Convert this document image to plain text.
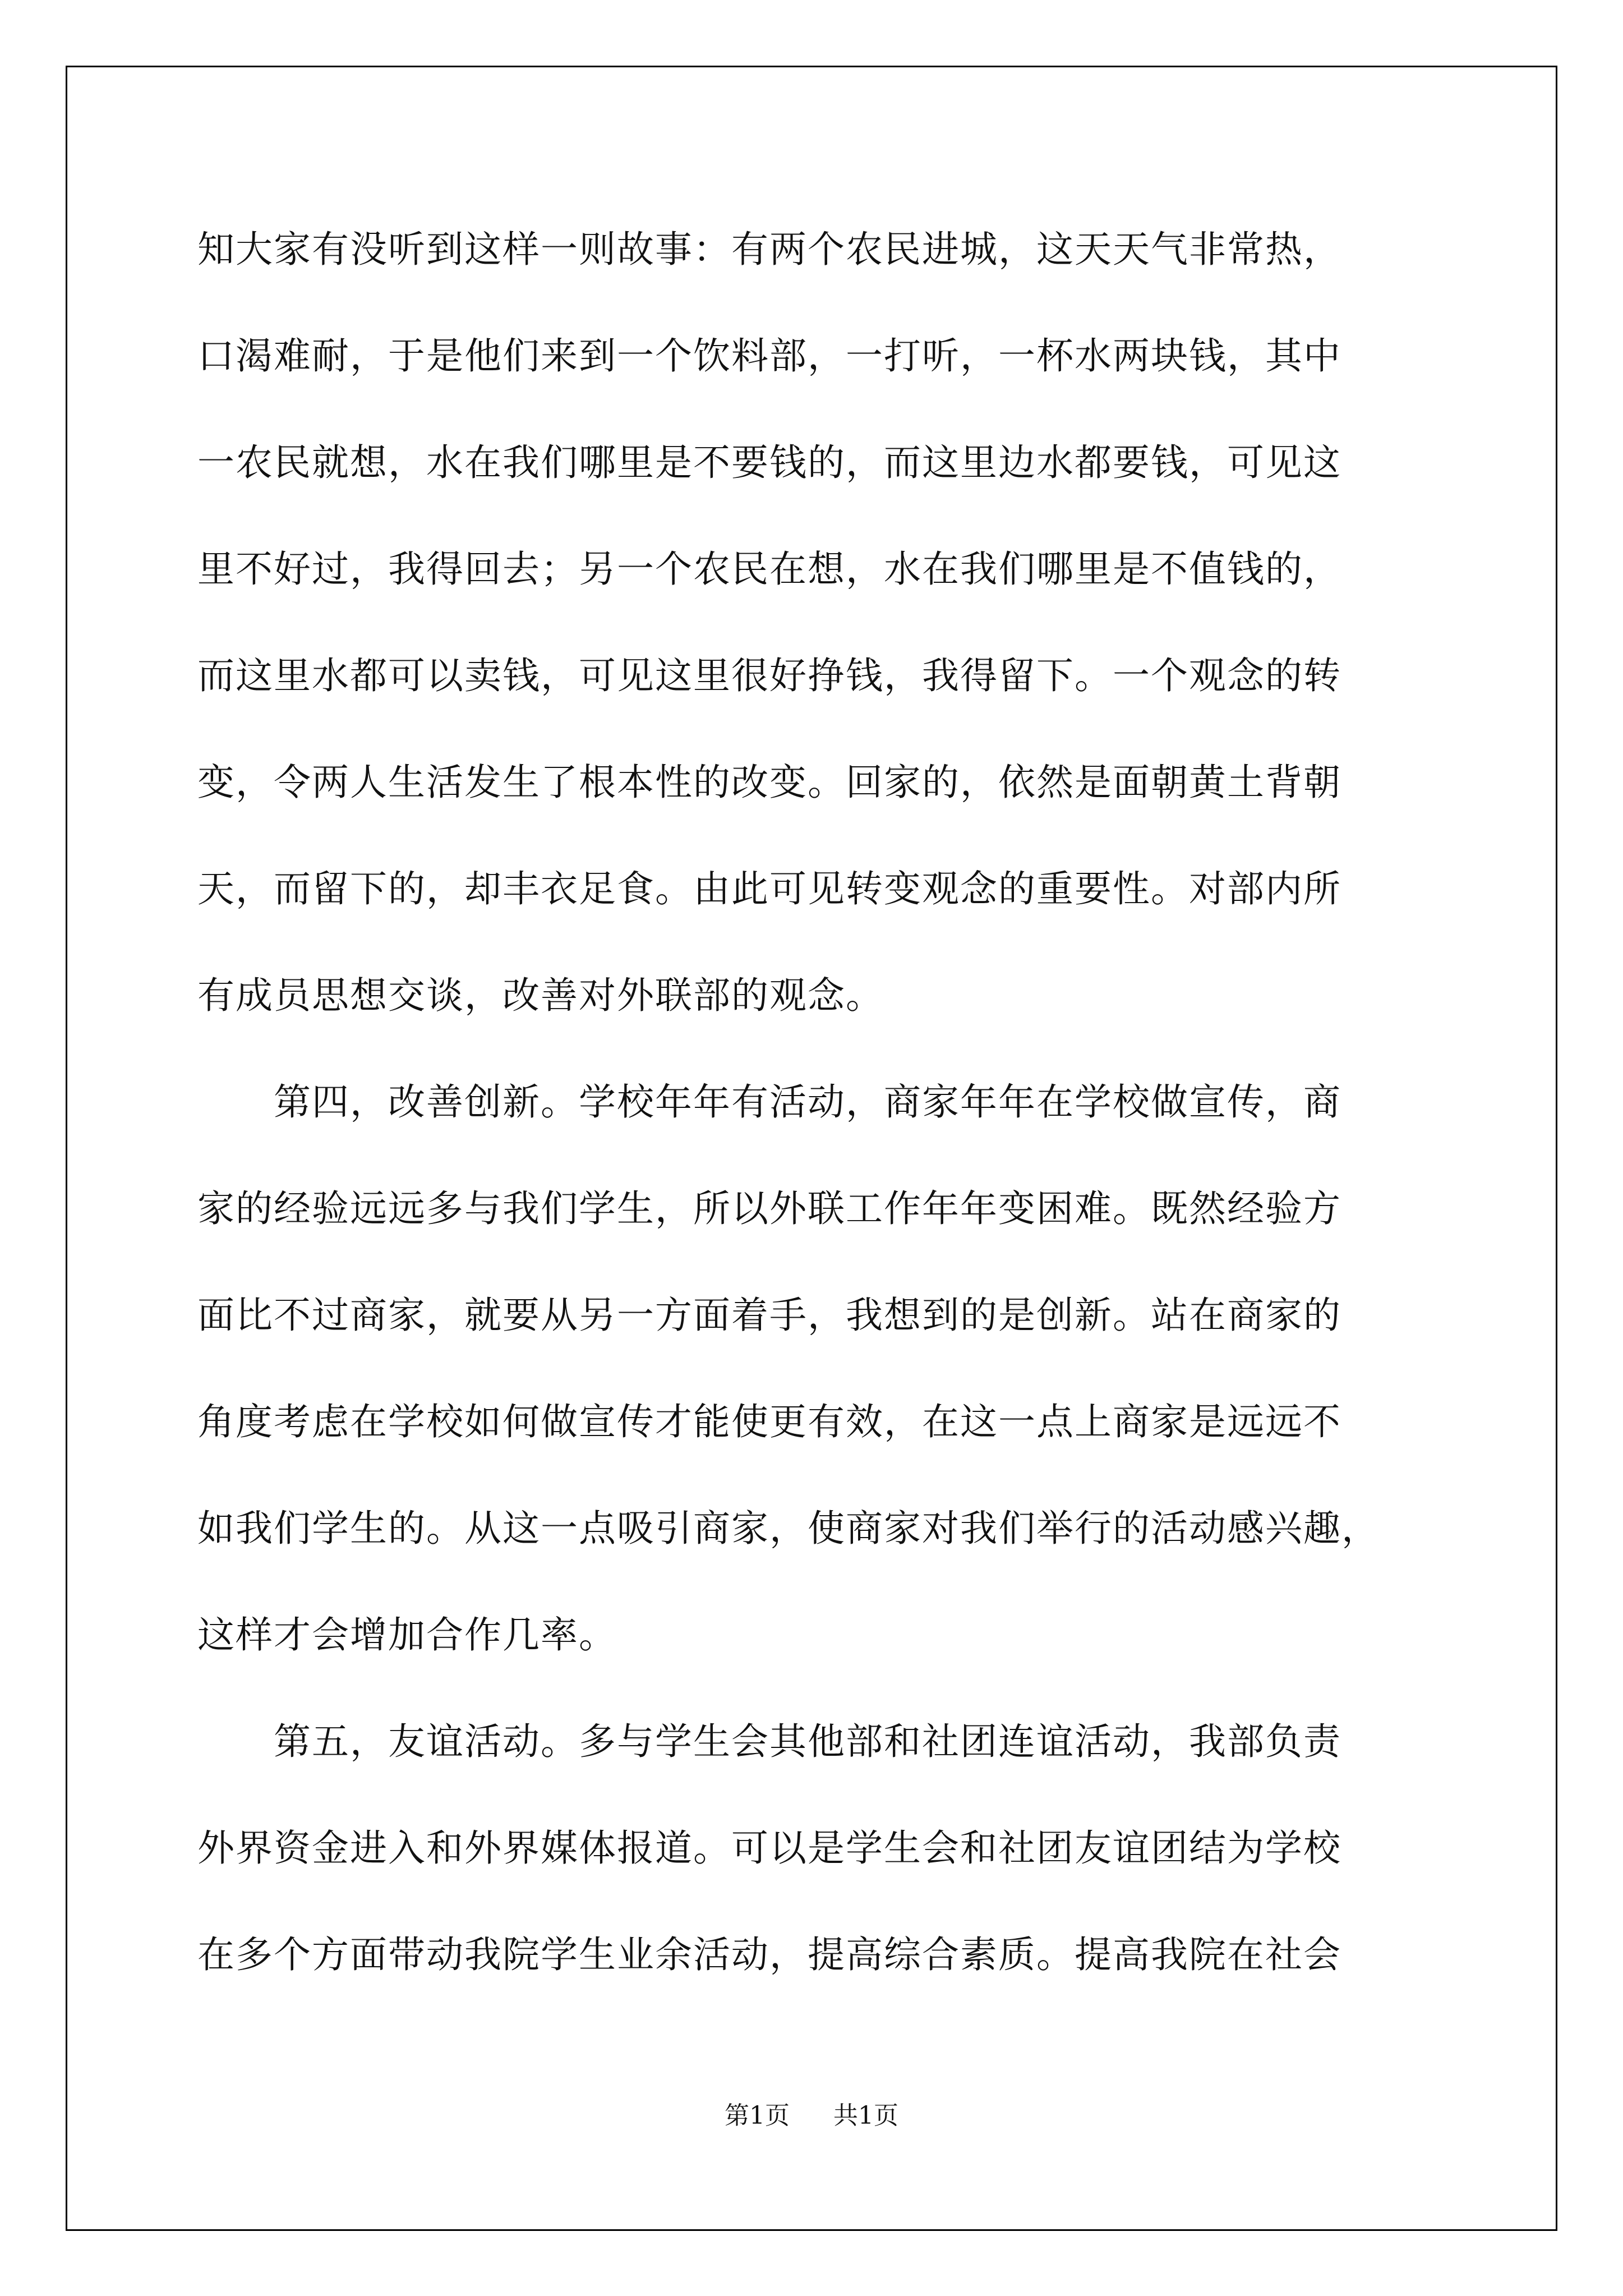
知大家有没听到这样一则故事：有两个农民进城，这天天气非常热，
口渴难耐，于是他们来到一个饮料部，一打听，一杯水两块钱，其中
一农民就想，水在我们哪里是不要钱的，而这里边水都要钱，可见这
里不好过，我得回去；另一个农民在想，水在我们哪里是不值钱的，
而这里水都可以卖钱，可见这里很好挣钱，我得留下。一个观念的转
变，令两人生活发生了根本性的改变。回家的，依然是面朝黄土背朝
天，而留下的，却丰衣足食。由此可见转变观念的重要性。对部内所
有成员思想交谈，改善对外联部的观念。
　　第四，改善创新。学校年年有活动，商家年年在学校做宣传，商
家的经验远远多与我们学生，所以外联工作年年变困难。既然经验方
面比不过商家，就要从另一方面着手，我想到的是创新。站在商家的
角度考虑在学校如何做宣传才能使更有效，在这一点上商家是远远不
如我们学生的。从这一点吸引商家，使商家对我们举行的活动感兴趣，
这样才会增加合作几率。
　　第五，友谊活动。多与学生会其他部和社团连谊活动，我部负责
外界资金进入和外界媒体报道。可以是学生会和社团友谊团结为学校
在多个方面带动我院学生业余活动，提高综合素质。提高我院在社会
第1页 共1页
